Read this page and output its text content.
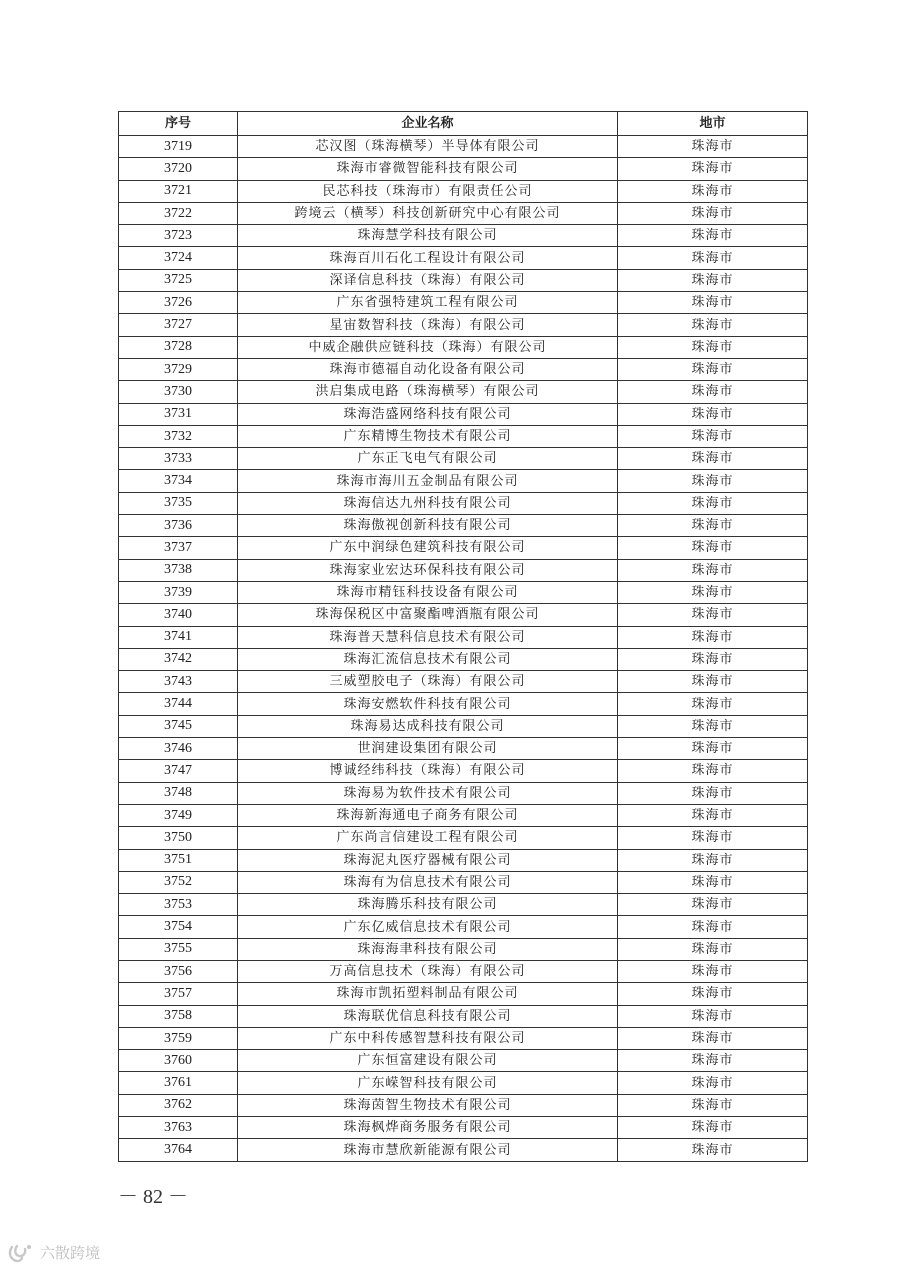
序号	企业名称	地市
3719	芯汉图（珠海横琴）半导体有限公司	珠海市
3720	珠海市睿微智能科技有限公司	珠海市
3721	民芯科技（珠海市）有限责任公司	珠海市
3722	跨境云（横琴）科技创新研究中心有限公司	珠海市
3723	珠海慧学科技有限公司	珠海市
3724	珠海百川石化工程设计有限公司	珠海市
3725	深译信息科技（珠海）有限公司	珠海市
3726	广东省强特建筑工程有限公司	珠海市
3727	星宙数智科技（珠海）有限公司	珠海市
3728	中威企融供应链科技（珠海）有限公司	珠海市
3729	珠海市德福自动化设备有限公司	珠海市
3730	洪启集成电路（珠海横琴）有限公司	珠海市
3731	珠海浩盛网络科技有限公司	珠海市
3732	广东精博生物技术有限公司	珠海市
3733	广东正飞电气有限公司	珠海市
3734	珠海市海川五金制品有限公司	珠海市
3735	珠海信达九州科技有限公司	珠海市
3736	珠海傲视创新科技有限公司	珠海市
3737	广东中润绿色建筑科技有限公司	珠海市
3738	珠海家业宏达环保科技有限公司	珠海市
3739	珠海市精钰科技设备有限公司	珠海市
3740	珠海保税区中富聚酯啤酒瓶有限公司	珠海市
3741	珠海普天慧科信息技术有限公司	珠海市
3742	珠海汇流信息技术有限公司	珠海市
3743	三威塑胶电子（珠海）有限公司	珠海市
3744	珠海安燃软件科技有限公司	珠海市
3745	珠海易达成科技有限公司	珠海市
3746	世润建设集团有限公司	珠海市
3747	博诚经纬科技（珠海）有限公司	珠海市
3748	珠海易为软件技术有限公司	珠海市
3749	珠海新海通电子商务有限公司	珠海市
3750	广东尚言信建设工程有限公司	珠海市
3751	珠海泥丸医疗器械有限公司	珠海市
3752	珠海有为信息技术有限公司	珠海市
3753	珠海腾乐科技有限公司	珠海市
3754	广东亿威信息技术有限公司	珠海市
3755	珠海海聿科技有限公司	珠海市
3756	万高信息技术（珠海）有限公司	珠海市
3757	珠海市凯拓塑料制品有限公司	珠海市
3758	珠海联优信息科技有限公司	珠海市
3759	广东中科传感智慧科技有限公司	珠海市
3760	广东恒富建设有限公司	珠海市
3761	广东嵘智科技有限公司	珠海市
3762	珠海茵智生物技术有限公司	珠海市
3763	珠海枫烨商务服务有限公司	珠海市
3764	珠海市慧欣新能源有限公司	珠海市
－ 82 －
六散跨境
